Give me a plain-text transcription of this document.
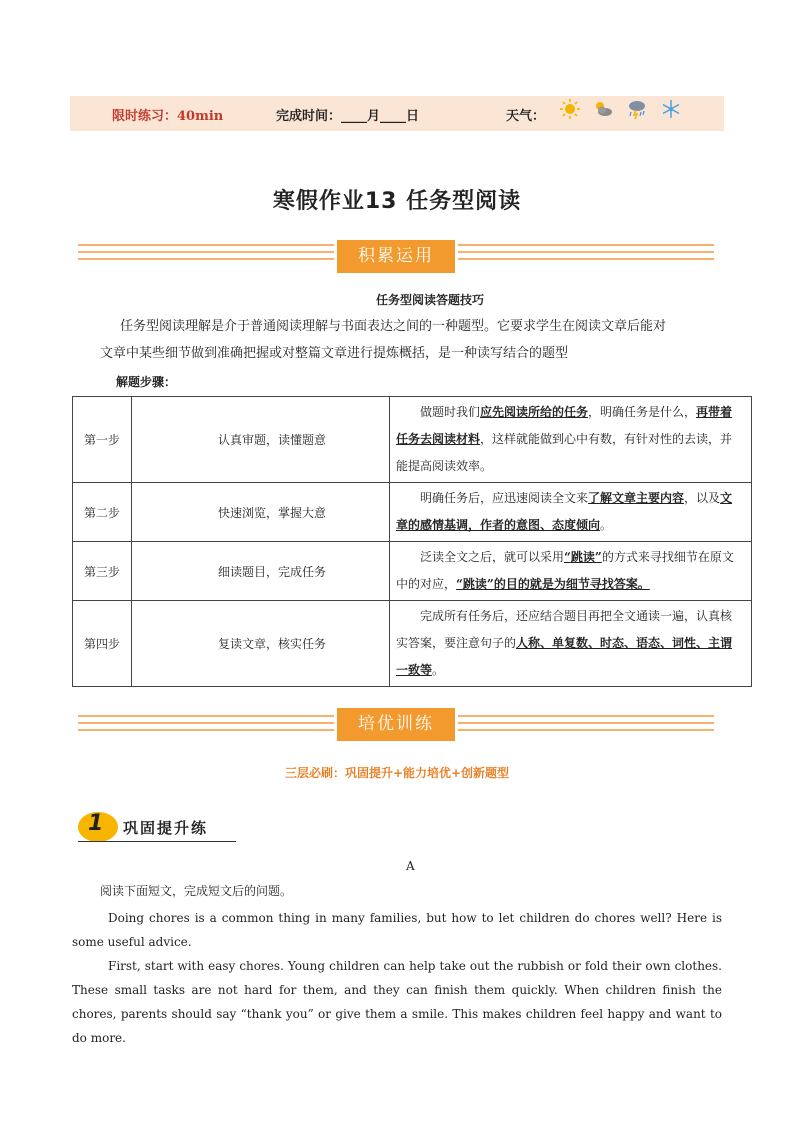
限时练习：40min	完成时间：____月____日	天气：
寒假作业13 任务型阅读
积累运用
任务型阅读答题技巧
任务型阅读理解是介于普通阅读理解与书面表达之间的一种题型。它要求学生在阅读文章后能对
文章中某些细节做到准确把握或对整篇文章进行提炼概括，是一种读写结合的题型
解题步骤：
第一步	认真审题，读懂题意	做题时我们应先阅读所给的任务，明确任务是什么，再带着任务去阅读材料，这样就能做到心中有数，有针对性的去读，并能提高阅读效率。
第二步	快速浏览，掌握大意	明确任务后，应迅速阅读全文来了解文章主要内容，以及文章的感情基调，作者的意图、态度倾向。
第三步	细读题目，完成任务	泛读全文之后，就可以采用“跳读”的方式来寻找细节在原文中的对应，“跳读”的目的就是为细节寻找答案。
第四步	复读文章，核实任务	完成所有任务后，还应结合题目再把全文通读一遍，认真核实答案，要注意句子的人称、单复数、时态、语态、词性、主谓一致等。
培优训练
三层必刷：巩固提升+能力培优+创新题型
1 巩固提升练
A
阅读下面短文，完成短文后的问题。
Doing chores is a common thing in many families, but how to let children do chores well? Here is some useful advice.
First, start with easy chores. Young children can help take out the rubbish or fold their own clothes. These small tasks are not hard for them, and they can finish them quickly. When children finish the chores, parents should say “thank you” or give them a smile. This makes children feel happy and want to do more.
